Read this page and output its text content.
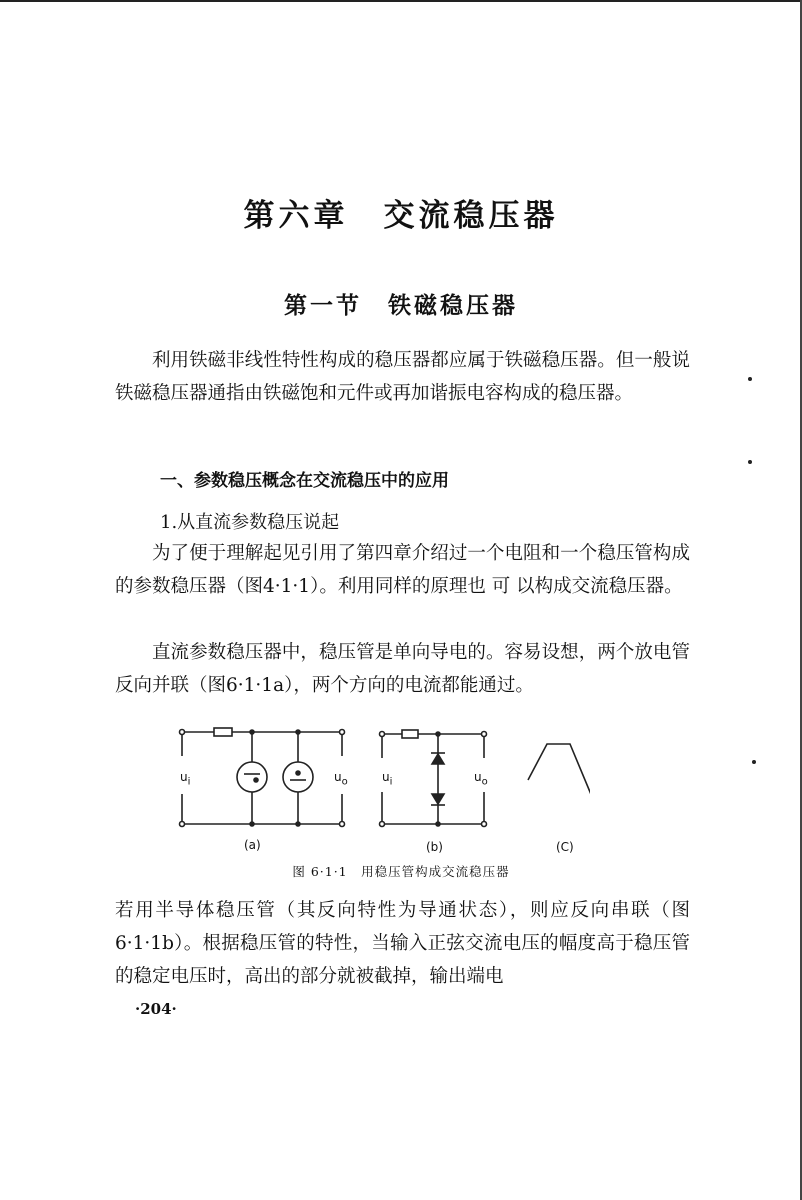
第六章　交流稳压器
第一节　铁磁稳压器
利用铁磁非线性特性构成的稳压器都应属于铁磁稳压器。但一般说铁磁稳压器通指由铁磁饱和元件或再加谐振电容构成的稳压器。
一、参数稳压概念在交流稳压中的应用
1.从直流参数稳压说起
为了便于理解起见引用了第四章介绍过一个电阻和一个稳压管构成的参数稳压器（图4·1·1）。利用同样的原理也 可 以构成交流稳压器。
直流参数稳压器中，稳压管是单向导电的。容易设想，两个放电管反向并联（图6·1·1a），两个方向的电流都能通过。
$u_i$	$u_o$	$u_i$	$u_o$
(a)	(b)	(C)
图 6·1·1　用稳压管构成交流稳压器
若用半导体稳压管（其反向特性为导通状态），则应反向串联（图6·1·1b）。根据稳压管的特性，当输入正弦交流电压的幅度高于稳压管的稳定电压时，高出的部分就被截掉，输出端电
·204·
